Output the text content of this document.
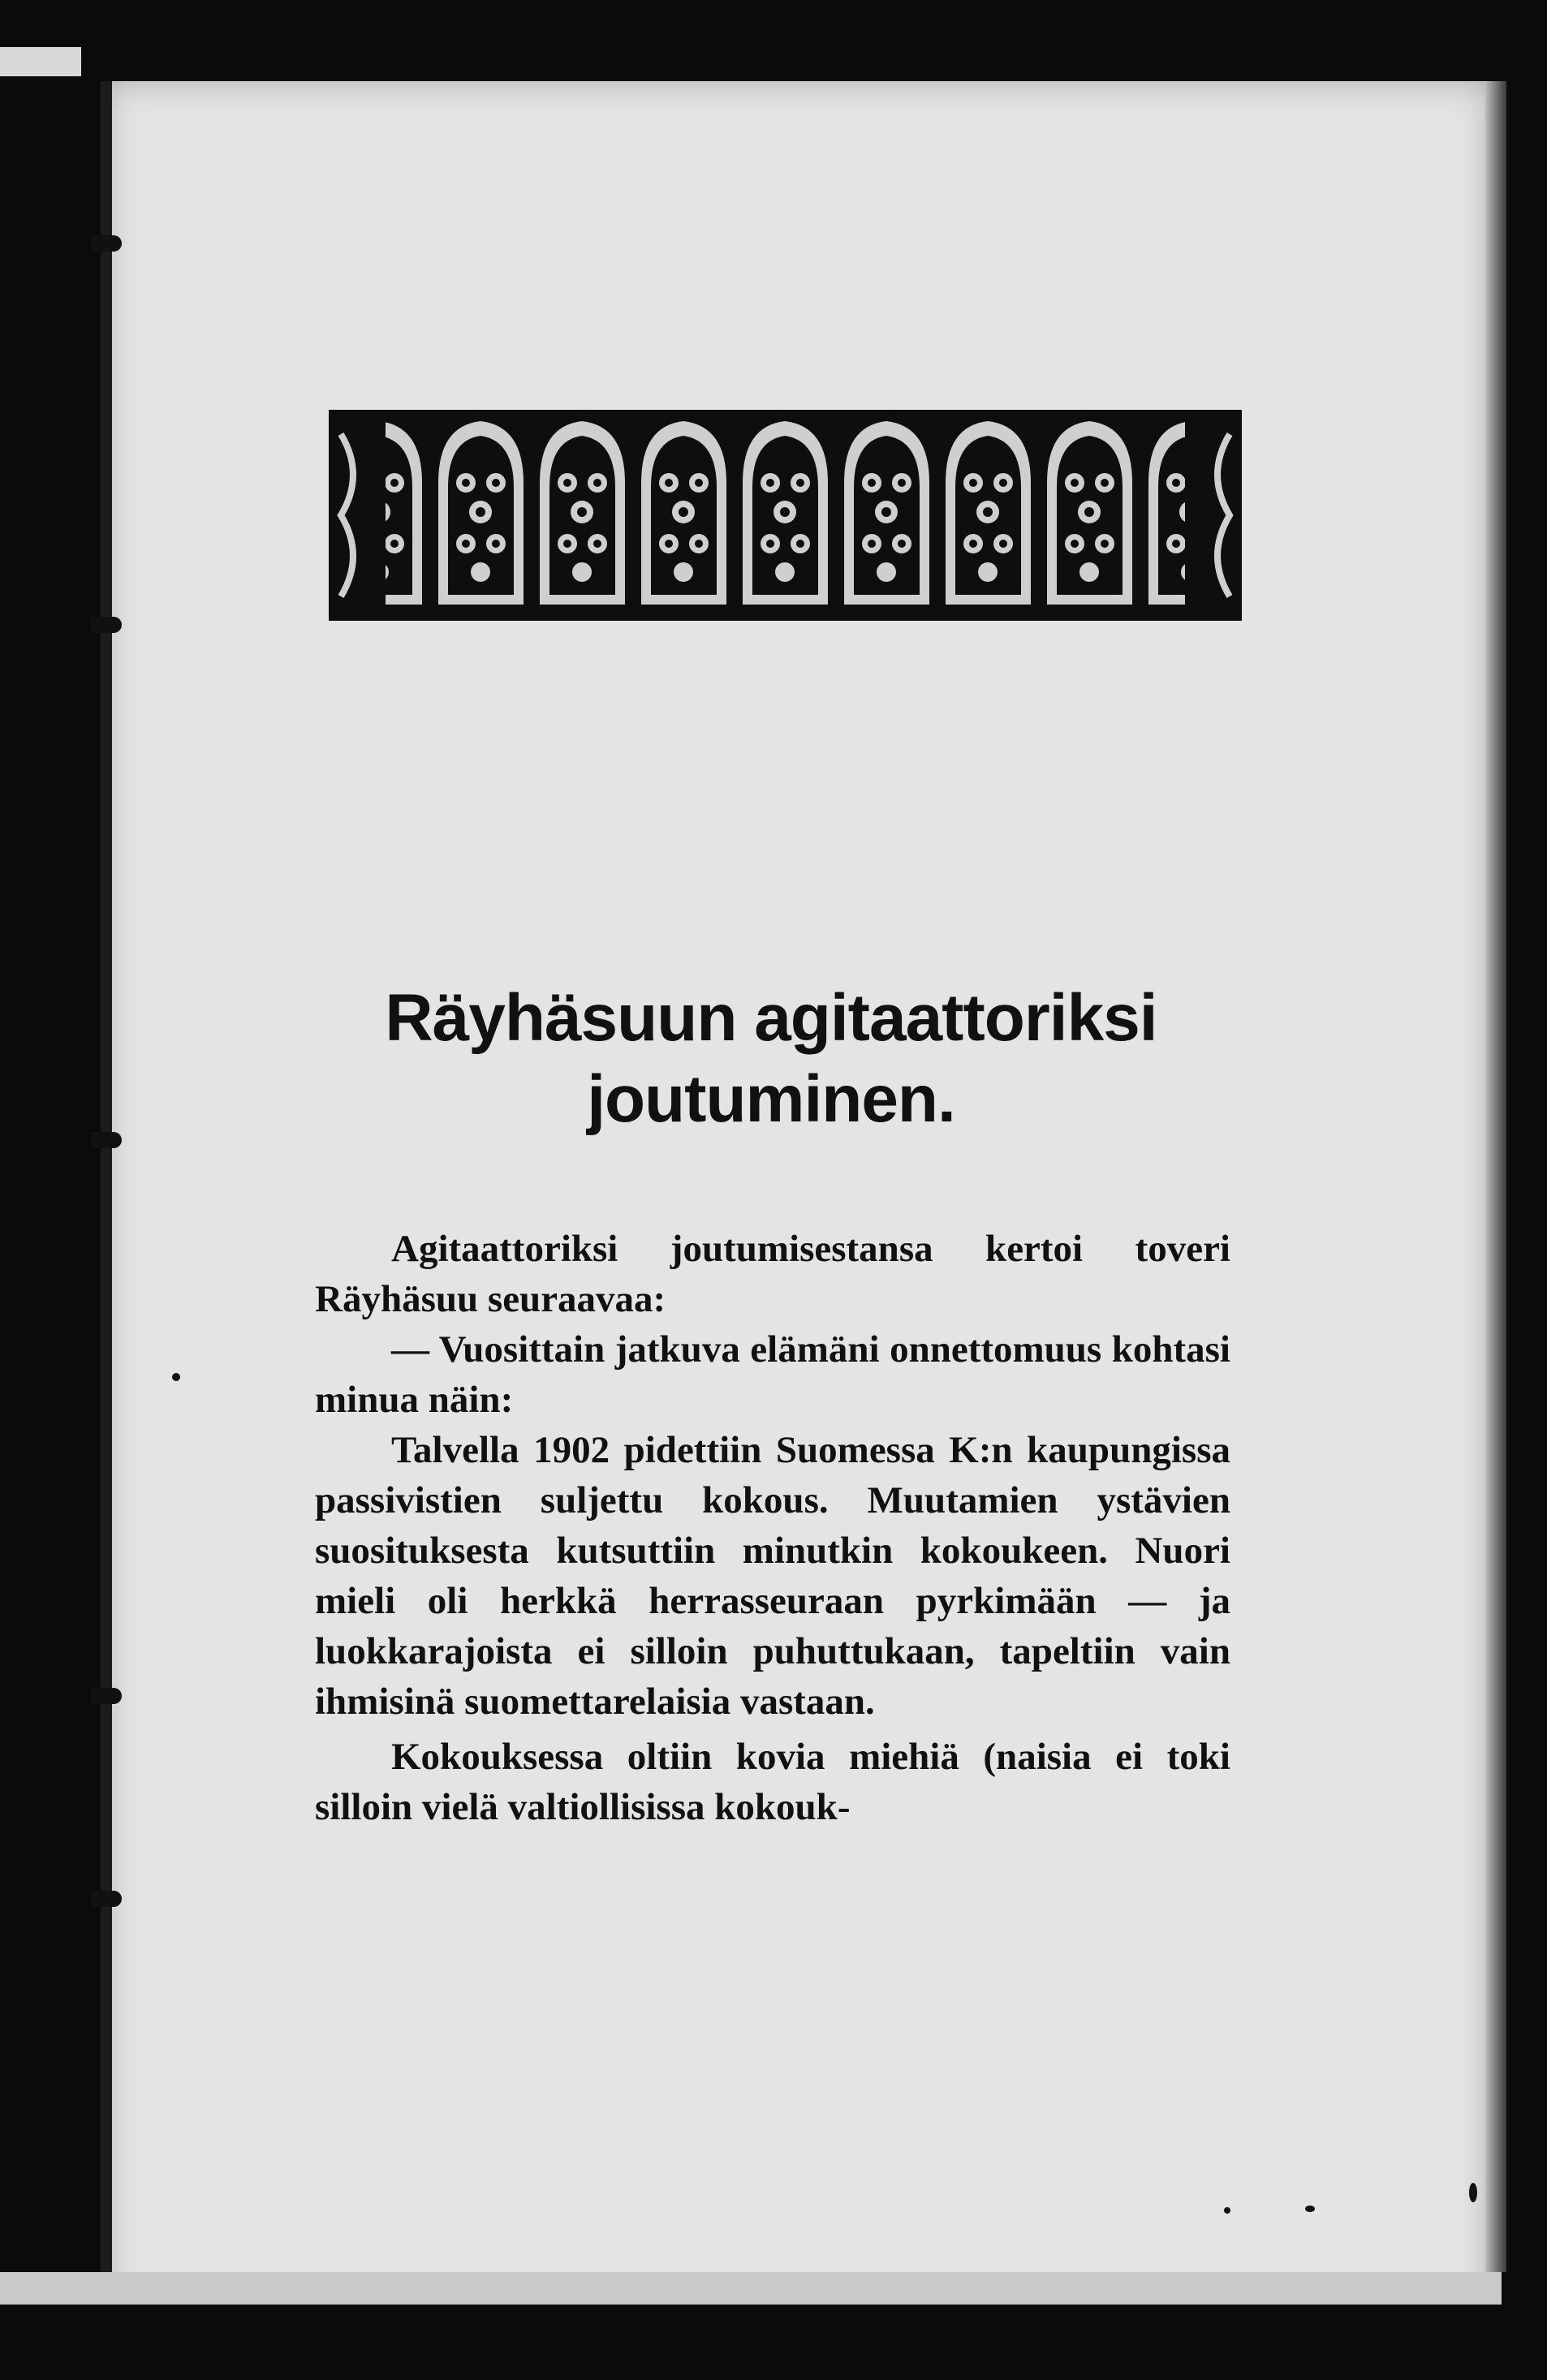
Räyhäsuun agitaattoriksi
joutuminen.

Agitaattoriksi joutumisestansa kertoi toveri Räyhäsuu seuraavaa:

— Vuosittain jatkuva elämäni onnettomuus kohtasi minua näin:

Talvella 1902 pidettiin Suomessa K:n kaupungissa passivistien suljettu kokous. Muutamien ystävien suosituksesta kutsuttiin minutkin kokoukeen. Nuori mieli oli herkkä herrasseuraan pyrkimään — ja luokkarajoista ei silloin puhuttukaan, tapeltiin vain ihmisinä suomettarelaisia vastaan.

Kokouksessa oltiin kovia miehiä (naisia ei toki silloin vielä valtiollisissa kokouk-
